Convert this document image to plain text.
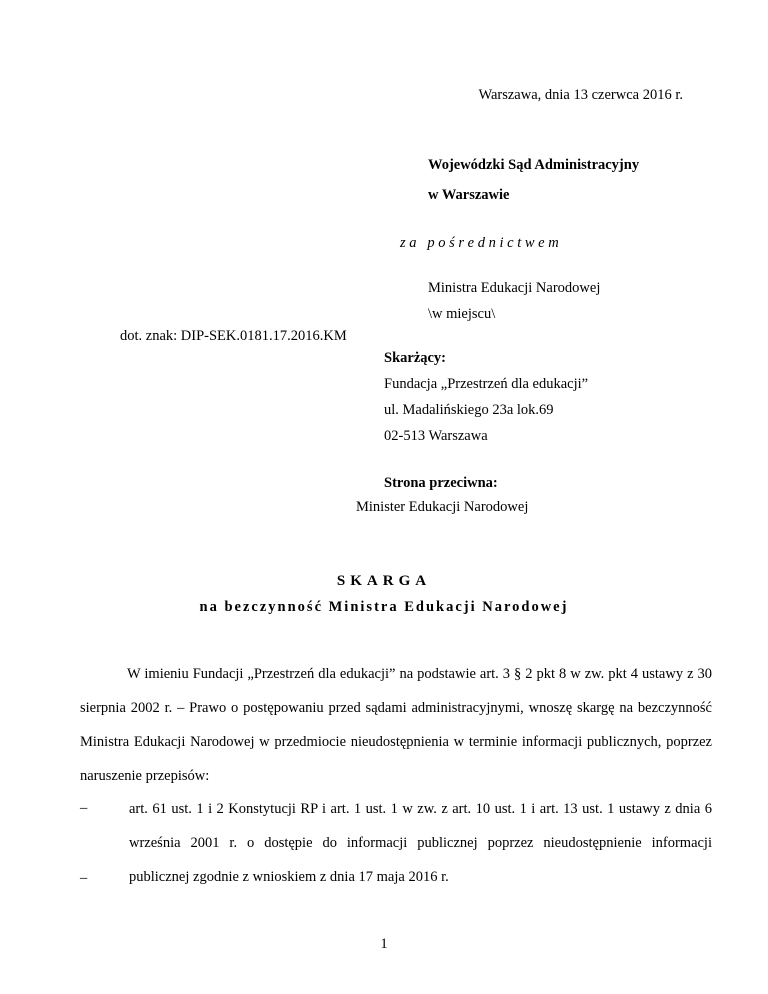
Warszawa, dnia 13 czerwca 2016 r.
Wojewódzki Sąd Administracyjny
w Warszawie
z a   p o ś r e d n i c t w e m
Ministra Edukacji Narodowej
\w miejscu\
dot. znak: DIP-SEK.0181.17.2016.KM
Skarżący:
Fundacja „Przestrzeń dla edukacji”
ul. Madalińskiego 23a lok.69
02-513 Warszawa
Strona przeciwna:
Minister Edukacji Narodowej
SKARGA
na bezczynność Ministra Edukacji Narodowej
W imieniu Fundacji „Przestrzeń dla edukacji” na podstawie art. 3 § 2 pkt 8 w zw. pkt 4 ustawy z 30 sierpnia 2002 r. – Prawo o postępowaniu przed sądami administracyjnymi, wnoszę skargę na bezczynność Ministra Edukacji Narodowej w przedmiocie nieudostępnienia w terminie informacji publicznych, poprzez naruszenie przepisów:
–	art. 61 ust. 1 i 2 Konstytucji RP i art. 1 ust. 1 w zw. z art. 10 ust. 1 i art. 13 ust. 1 ustawy z dnia 6 września 2001 r. o dostępie do informacji publicznej poprzez nieudostępnienie informacji publicznej zgodnie z wnioskiem z dnia 17 maja 2016 r.
–
1
